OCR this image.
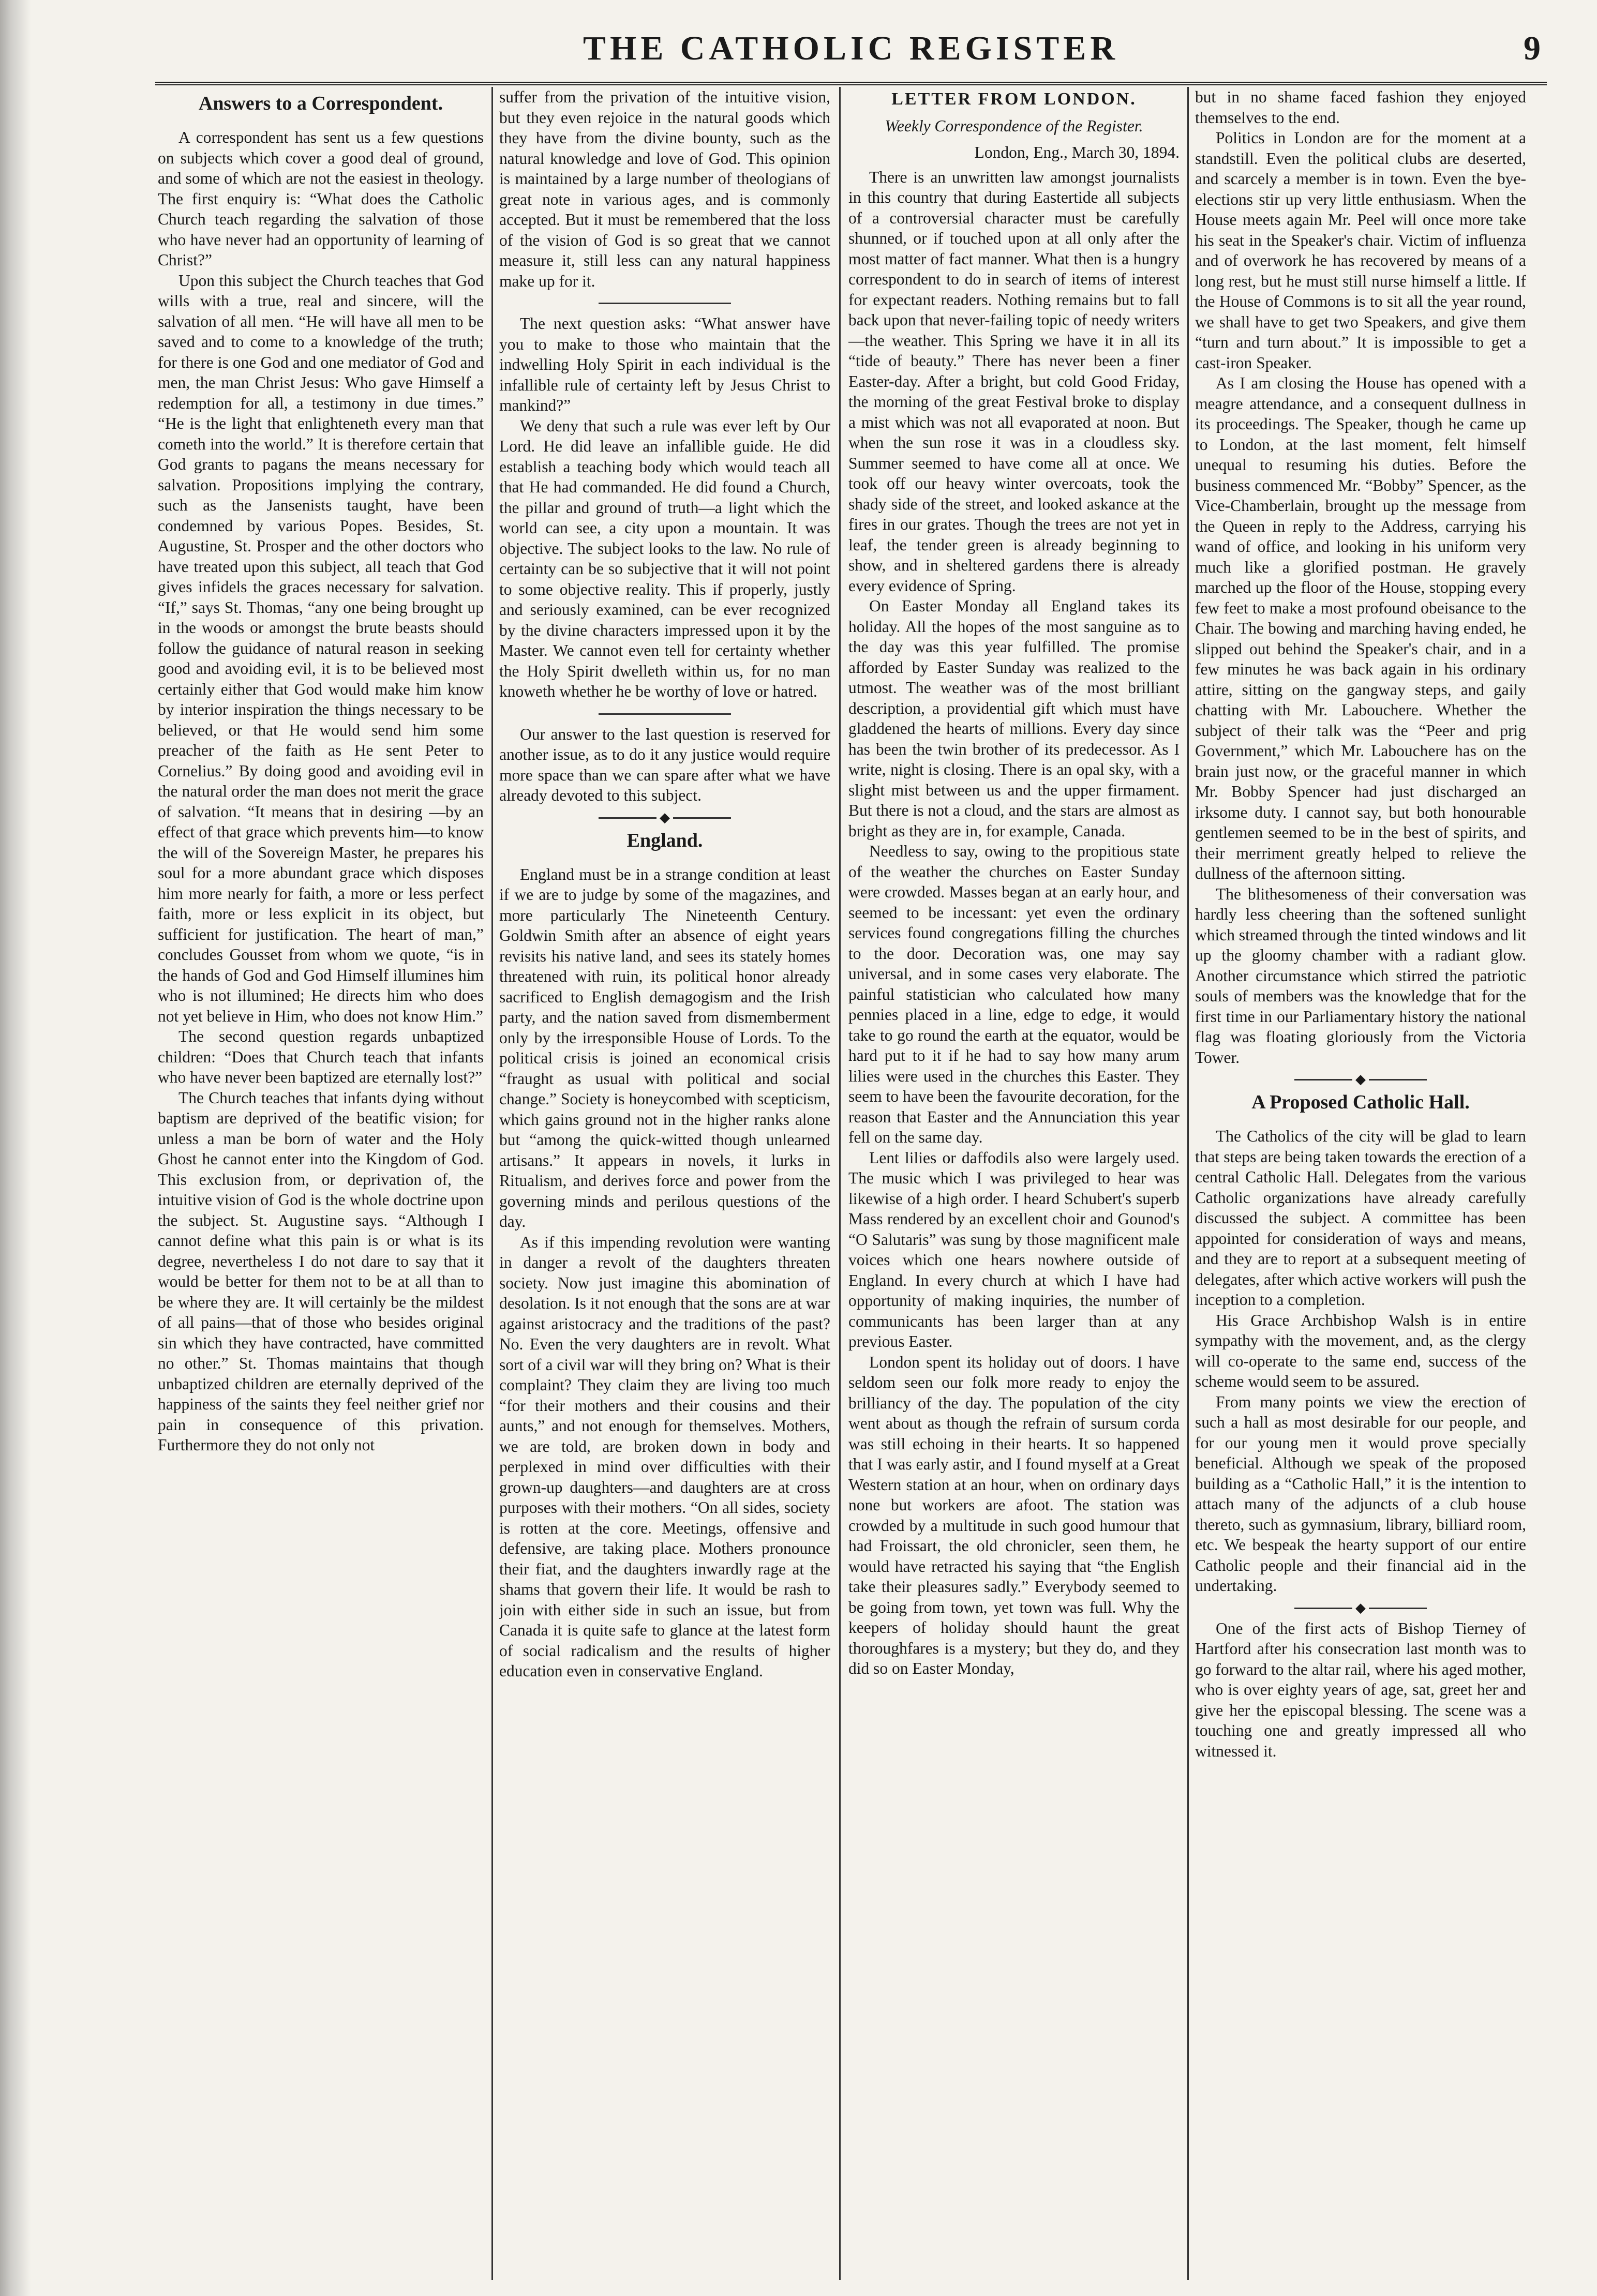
THE CATHOLIC REGISTER	9
Answers to a Correspondent.

A correspondent has sent us a few questions on subjects which cover a good deal of ground, and some of which are not the easiest in theology. The first enquiry is: “What does the Catholic Church teach regarding the salvation of those who have never had an opportunity of learning of Christ?”

Upon this subject the Church teaches that God wills with a true, real and sincere, will the salvation of all men. “He will have all men to be saved and to come to a knowledge of the truth; for there is one God and one mediator of God and men, the man Christ Jesus: Who gave Himself a redemption for all, a testimony in due times.” “He is the light that enlighteneth every man that cometh into the world.” It is therefore certain that God grants to pagans the means necessary for salvation. Propositions implying the contrary, such as the Jansenists taught, have been condemned by various Popes. Besides, St. Augustine, St. Prosper and the other doctors who have treated upon this subject, all teach that God gives infidels the graces necessary for salvation. “If,” says St. Thomas, “any one being brought up in the woods or amongst the brute beasts should follow the guidance of natural reason in seeking good and avoiding evil, it is to be believed most certainly either that God would make him know by interior inspiration the things necessary to be believed, or that He would send him some preacher of the faith as He sent Peter to Cornelius.” By doing good and avoiding evil in the natural order the man does not merit the grace of salvation. “It means that in desiring —by an effect of that grace which prevents him—to know the will of the Sovereign Master, he prepares his soul for a more abundant grace which disposes him more nearly for faith, a more or less perfect faith, more or less explicit in its object, but sufficient for justification. The heart of man,” concludes Gousset from whom we quote, “is in the hands of God and God Himself illumines him who is not illumined; He directs him who does not yet believe in Him, who does not know Him.”

The second question regards unbaptized children: “Does that Church teach that infants who have never been baptized are eternally lost?”

The Church teaches that infants dying without baptism are deprived of the beatific vision; for unless a man be born of water and the Holy Ghost he cannot enter into the Kingdom of God. This exclusion from, or deprivation of, the intuitive vision of God is the whole doctrine upon the subject. St. Augustine says. “Although I cannot define what this pain is or what is its degree, nevertheless I do not dare to say that it would be better for them not to be at all than to be where they are. It will certainly be the mildest of all pains—that of those who besides original sin which they have contracted, have committed no other.” St. Thomas maintains that though unbaptized children are eternally deprived of the happiness of the saints they feel neither grief nor pain in consequence of this privation. Furthermore they do not only not

suffer from the privation of the intuitive vision, but they even rejoice in the natural goods which they have from the divine bounty, such as the natural knowledge and love of God. This opinion is maintained by a large number of theologians of great note in various ages, and is commonly accepted. But it must be remembered that the loss of the vision of God is so great that we cannot measure it, still less can any natural happiness make up for it.

The next question asks: “What answer have you to make to those who maintain that the indwelling Holy Spirit in each individual is the infallible rule of certainty left by Jesus Christ to mankind?”

We deny that such a rule was ever left by Our Lord. He did leave an infallible guide. He did establish a teaching body which would teach all that He had commanded. He did found a Church, the pillar and ground of truth—a light which the world can see, a city upon a mountain. It was objective. The subject looks to the law. No rule of certainty can be so subjective that it will not point to some objective reality. This if properly, justly and seriously examined, can be ever recognized by the divine characters impressed upon it by the Master. We cannot even tell for certainty whether the Holy Spirit dwelleth within us, for no man knoweth whether he be worthy of love or hatred.

Our answer to the last question is reserved for another issue, as to do it any justice would require more space than we can spare after what we have already devoted to this subject.

◆
England.

England must be in a strange condition at least if we are to judge by some of the magazines, and more particularly The Nineteenth Century. Goldwin Smith after an absence of eight years revisits his native land, and sees its stately homes threatened with ruin, its political honor already sacrificed to English demagogism and the Irish party, and the nation saved from dismemberment only by the irresponsible House of Lords. To the political crisis is joined an economical crisis “fraught as usual with political and social change.” Society is honeycombed with scepticism, which gains ground not in the higher ranks alone but “among the quick-witted though unlearned artisans.” It appears in novels, it lurks in Ritualism, and derives force and power from the governing minds and perilous questions of the day.

As if this impending revolution were wanting in danger a revolt of the daughters threaten society. Now just imagine this abomination of desolation. Is it not enough that the sons are at war against aristocracy and the traditions of the past? No. Even the very daughters are in revolt. What sort of a civil war will they bring on? What is their complaint? They claim they are living too much “for their mothers and their cousins and their aunts,” and not enough for themselves. Mothers, we are told, are broken down in body and perplexed in mind over difficulties with their grown-up daughters—and daughters are at cross purposes with their mothers. “On all sides, society is rotten at the core. Meetings, offensive and defensive, are taking place. Mothers pronounce their fiat, and the daughters inwardly rage at the shams that govern their life. It would be rash to join with either side in such an issue, but from Canada it is quite safe to glance at the latest form of social radicalism and the results of higher education even in conservative England.

LETTER FROM LONDON.

Weekly Correspondence of the Register.

London, Eng., March 30, 1894.

There is an unwritten law amongst journalists in this country that during Eastertide all subjects of a controversial character must be carefully shunned, or if touched upon at all only after the most matter of fact manner. What then is a hungry correspondent to do in search of items of interest for expectant readers. Nothing remains but to fall back upon that never-failing topic of needy writers—the weather. This Spring we have it in all its “tide of beauty.” There has never been a finer Easter-day. After a bright, but cold Good Friday, the morning of the great Festival broke to display a mist which was not all evaporated at noon. But when the sun rose it was in a cloudless sky. Summer seemed to have come all at once. We took off our heavy winter overcoats, took the shady side of the street, and looked askance at the fires in our grates. Though the trees are not yet in leaf, the tender green is already beginning to show, and in sheltered gardens there is already every evidence of Spring.

On Easter Monday all England takes its holiday. All the hopes of the most sanguine as to the day was this year fulfilled. The promise afforded by Easter Sunday was realized to the utmost. The weather was of the most brilliant description, a providential gift which must have gladdened the hearts of millions. Every day since has been the twin brother of its predecessor. As I write, night is closing. There is an opal sky, with a slight mist between us and the upper firmament. But there is not a cloud, and the stars are almost as bright as they are in, for example, Canada.

Needless to say, owing to the propitious state of the weather the churches on Easter Sunday were crowded. Masses began at an early hour, and seemed to be incessant: yet even the ordinary services found congregations filling the churches to the door. Decoration was, one may say universal, and in some cases very elaborate. The painful statistician who calculated how many pennies placed in a line, edge to edge, it would take to go round the earth at the equator, would be hard put to it if he had to say how many arum lilies were used in the churches this Easter. They seem to have been the favourite decoration, for the reason that Easter and the Annunciation this year fell on the same day.

Lent lilies or daffodils also were largely used. The music which I was privileged to hear was likewise of a high order. I heard Schubert's superb Mass rendered by an excellent choir and Gounod's “O Salutaris” was sung by those magnificent male voices which one hears nowhere outside of England. In every church at which I have had opportunity of making inquiries, the number of communicants has been larger than at any previous Easter.

London spent its holiday out of doors. I have seldom seen our folk more ready to enjoy the brilliancy of the day. The population of the city went about as though the refrain of sursum corda was still echoing in their hearts. It so happened that I was early astir, and I found myself at a Great Western station at an hour, when on ordinary days none but workers are afoot. The station was crowded by a multitude in such good humour that had Froissart, the old chronicler, seen them, he would have retracted his saying that “the English take their pleasures sadly.” Everybody seemed to be going from town, yet town was full. Why the keepers of holiday should haunt the great thoroughfares is a mystery; but they do, and they did so on Easter Monday,

but in no shame faced fashion they enjoyed themselves to the end.

Politics in London are for the moment at a standstill. Even the political clubs are deserted, and scarcely a member is in town. Even the bye-elections stir up very little enthusiasm. When the House meets again Mr. Peel will once more take his seat in the Speaker's chair. Victim of influenza and of overwork he has recovered by means of a long rest, but he must still nurse himself a little. If the House of Commons is to sit all the year round, we shall have to get two Speakers, and give them “turn and turn about.” It is impossible to get a cast-iron Speaker.

As I am closing the House has opened with a meagre attendance, and a consequent dullness in its proceedings. The Speaker, though he came up to London, at the last moment, felt himself unequal to resuming his duties. Before the business commenced Mr. “Bobby” Spencer, as the Vice-Chamberlain, brought up the message from the Queen in reply to the Address, carrying his wand of office, and looking in his uniform very much like a glorified postman. He gravely marched up the floor of the House, stopping every few feet to make a most profound obeisance to the Chair. The bowing and marching having ended, he slipped out behind the Speaker's chair, and in a few minutes he was back again in his ordinary attire, sitting on the gangway steps, and gaily chatting with Mr. Labouchere. Whether the subject of their talk was the “Peer and prig Government,” which Mr. Labouchere has on the brain just now, or the graceful manner in which Mr. Bobby Spencer had just discharged an irksome duty. I cannot say, but both honourable gentlemen seemed to be in the best of spirits, and their merriment greatly helped to relieve the dullness of the afternoon sitting.

The blithesomeness of their conversation was hardly less cheering than the softened sunlight which streamed through the tinted windows and lit up the gloomy chamber with a radiant glow. Another circumstance which stirred the patriotic souls of members was the knowledge that for the first time in our Parliamentary history the national flag was floating gloriously from the Victoria Tower.

◆
A Proposed Catholic Hall.

The Catholics of the city will be glad to learn that steps are being taken towards the erection of a central Catholic Hall. Delegates from the various Catholic organizations have already carefully discussed the subject. A committee has been appointed for consideration of ways and means, and they are to report at a subsequent meeting of delegates, after which active workers will push the inception to a completion.

His Grace Archbishop Walsh is in entire sympathy with the movement, and, as the clergy will co-operate to the same end, success of the scheme would seem to be assured.

From many points we view the erection of such a hall as most desirable for our people, and for our young men it would prove specially beneficial. Although we speak of the proposed building as a “Catholic Hall,” it is the intention to attach many of the adjuncts of a club house thereto, such as gymnasium, library, billiard room, etc. We bespeak the hearty support of our entire Catholic people and their financial aid in the undertaking.

◆

One of the first acts of Bishop Tierney of Hartford after his consecration last month was to go forward to the altar rail, where his aged mother, who is over eighty years of age, sat, greet her and give her the episcopal blessing. The scene was a touching one and greatly impressed all who witnessed it.
